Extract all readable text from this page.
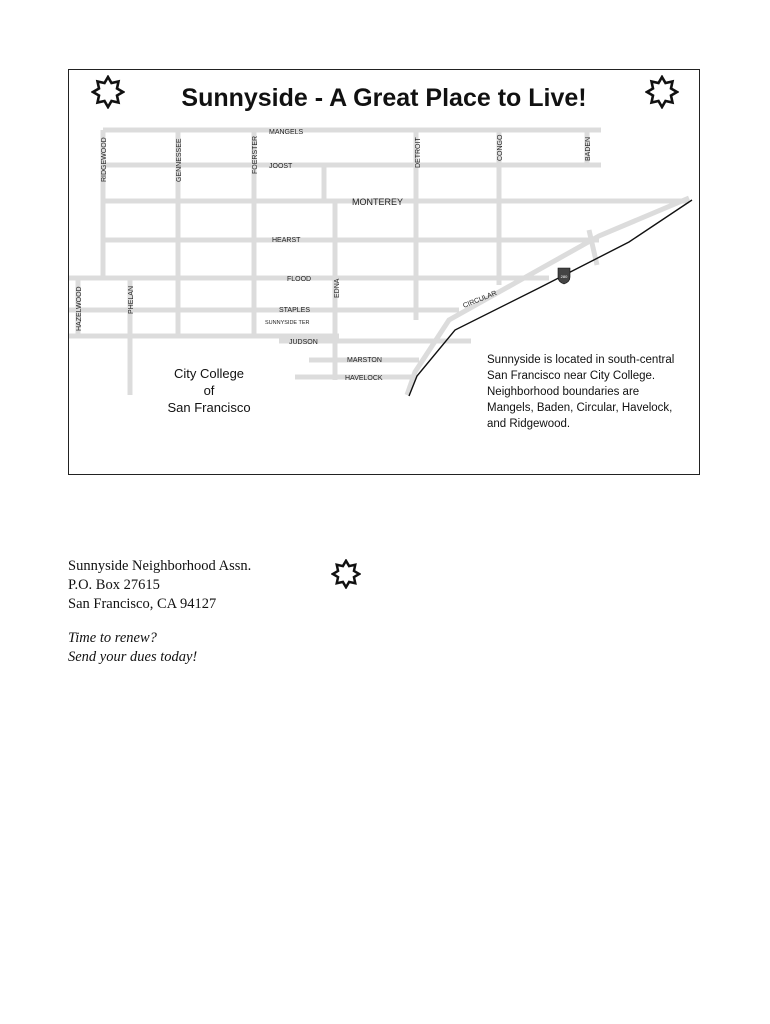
280
MANGELS
JOOST
MONTEREY
HEARST
FLOOD
STAPLES
SUNNYSIDE TER
JUDSON
MARSTON
HAVELOCK
CIRCULAR
RIDGEWOOD	GENNESSEE	FOERSTER	DETROIT	CONGO	BADEN
HAZELWOOD	PHELAN	EDNA
Sunnyside - A Great Place to Live!
City College
of
San Francisco
Sunnyside is located in south-central
San Francisco near City College.
Neighborhood boundaries are
Mangels, Baden, Circular, Havelock,
and Ridgewood.
Sunnyside Neighborhood Assn.
P.O. Box 27615
San Francisco, CA 94127
Time to renew?
Send your dues today!
